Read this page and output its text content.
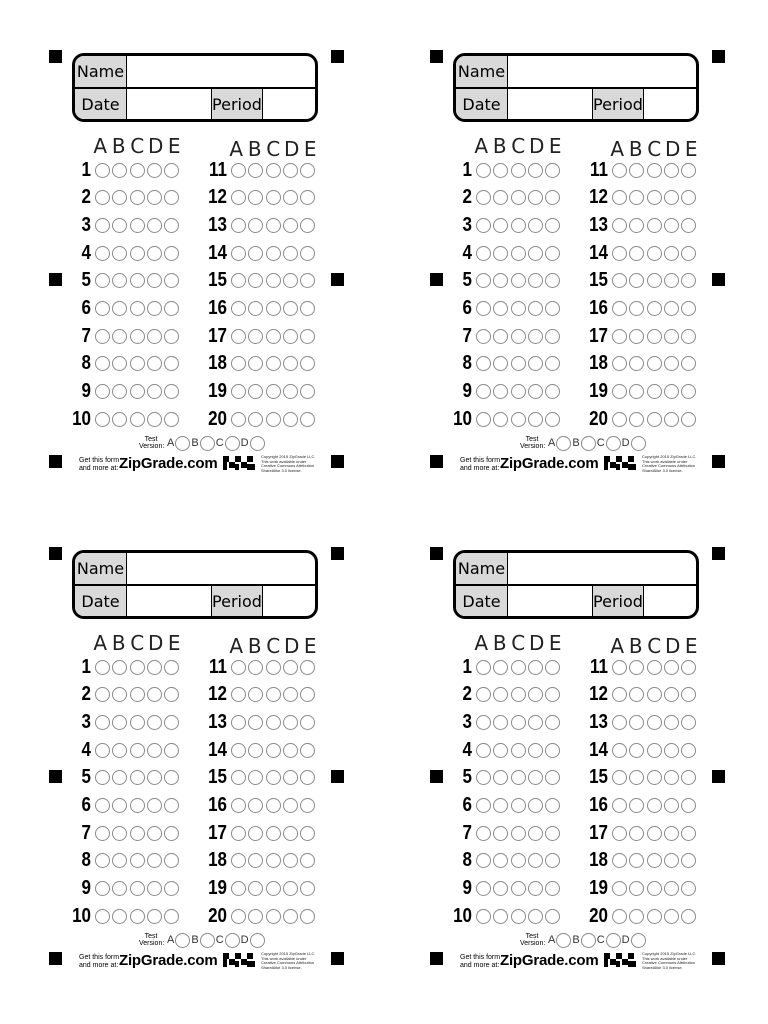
Name
Date	Period
A B C D E A B C D E
1
2
3
4
5
6
7
8
9
10
11
12
13
14
15
16
17
18
19
20
Test
Version: A B C D
Get this form
and more at: ZipGrade.com	Copyright 2015 ZipGrade LLC.
This work available under
Creative Commons Attribution
ShareAlike 3.0 license.
Name
Date	Period
A B C D E A B C D E
1
2
3
4
5
6
7
8
9
10
11
12
13
14
15
16
17
18
19
20
Test
Version: A B C D
Get this form
and more at: ZipGrade.com	Copyright 2015 ZipGrade LLC.
This work available under
Creative Commons Attribution
ShareAlike 3.0 license.
Name
Date	Period
A B C D E A B C D E
1
2
3
4
5
6
7
8
9
10
11
12
13
14
15
16
17
18
19
20
Test
Version: A B C D
Get this form
and more at: ZipGrade.com	Copyright 2015 ZipGrade LLC.
This work available under
Creative Commons Attribution
ShareAlike 3.0 license.
Name
Date	Period
A B C D E A B C D E
1
2
3
4
5
6
7
8
9
10
11
12
13
14
15
16
17
18
19
20
Test
Version: A B C D
Get this form
and more at: ZipGrade.com	Copyright 2015 ZipGrade LLC.
This work available under
Creative Commons Attribution
ShareAlike 3.0 license.
